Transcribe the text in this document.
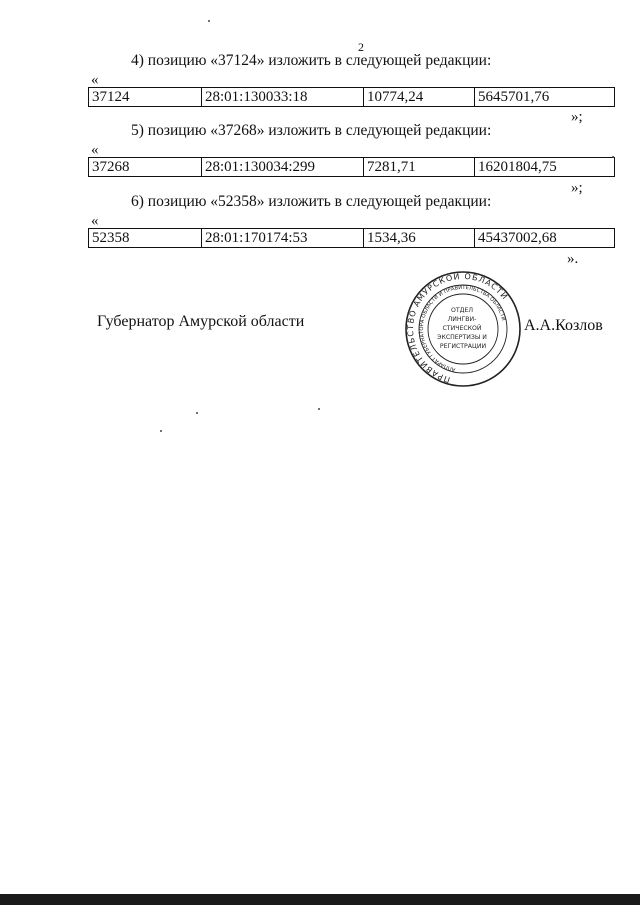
2
4) позицию «37124» изложить в следующей редакции:
«
37124	28:01:130033:18	10774,24	5645701,76
»;
5) позицию «37268» изложить в следующей редакции:
«
37268	28:01:130034:299	7281,71	16201804,75
»;
6) позицию «52358» изложить в следующей редакции:
«
52358	28:01:170174:53	1534,36	45437002,68
».
Губернатор Амурской области
ПРАВИТЕЛЬСТВО АМУРСКОЙ ОБЛАСТИ
АППАРАТ ГУБЕРНАТОРА ОБЛАСТИ И ПРАВИТЕЛЬСТВА ОБЛАСТИ
ОТДЕЛ ЛИНГВИ- СТИЧЕСКОЙ ЭКСПЕРТИЗЫ И РЕГИСТРАЦИИ
А.А.Козлов
